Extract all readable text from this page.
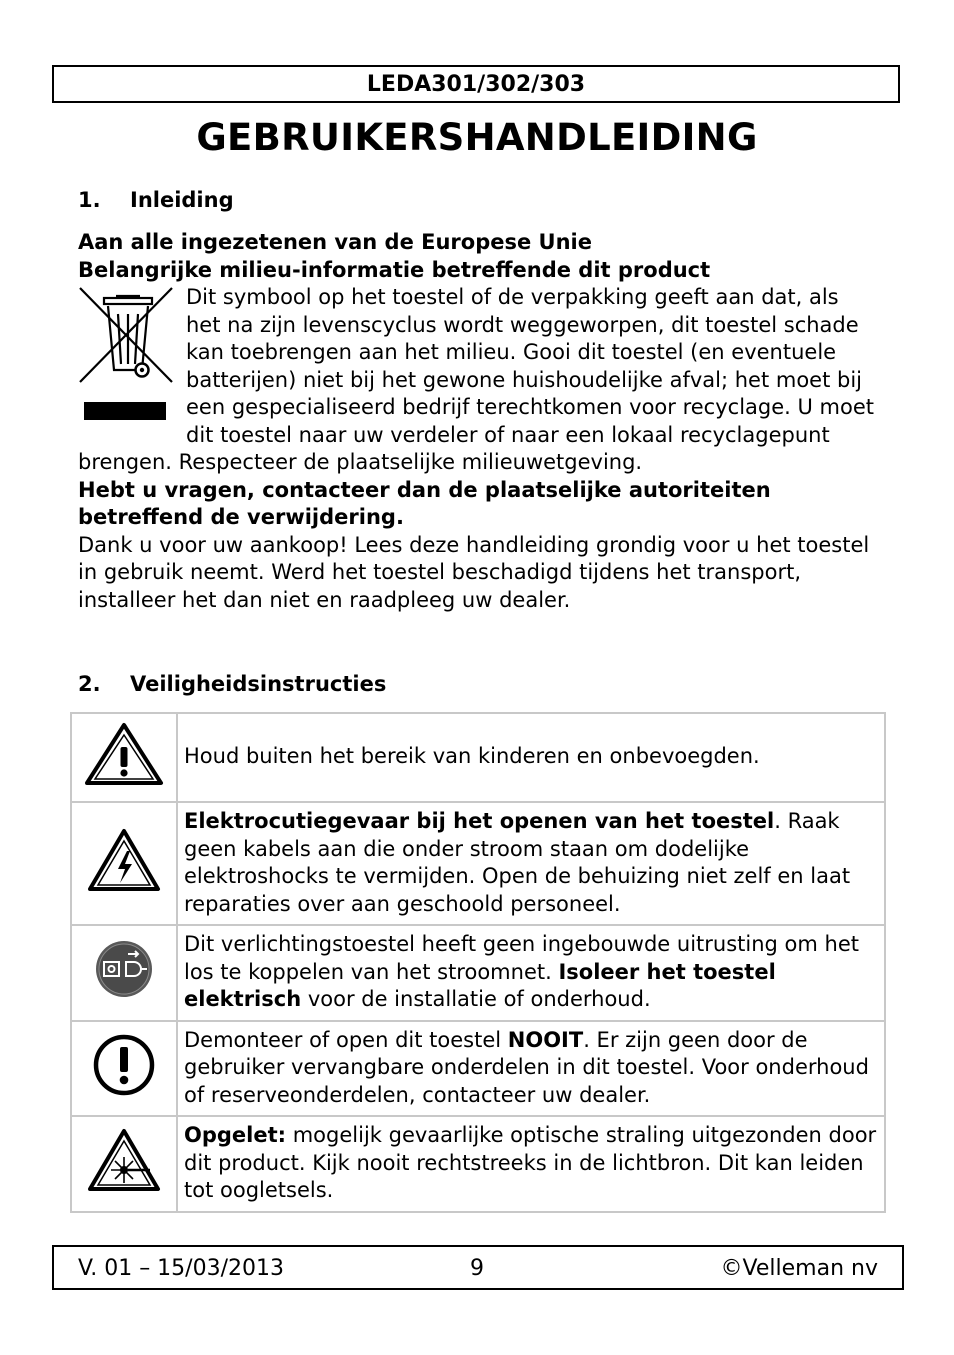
LEDA301/302/303
GEBRUIKERSHANDLEIDING
1. Inleiding

Aan alle ingezetenen van de Europese Unie

Belangrijke milieu-informatie betreffende dit product

Dit symbool op het toestel of de verpakking geeft aan dat, als het na zijn levenscyclus wordt weggeworpen, dit toestel schade kan toebrengen aan het milieu. Gooi dit toestel (en eventuele batterijen) niet bij het gewone huishoudelijke afval; het moet bij een gespecialiseerd bedrijf terechtkomen voor recyclage. U moet dit toestel naar uw verdeler of naar een lokaal recyclagepunt brengen. Respecteer de plaatselijke milieuwetgeving.

Hebt u vragen, contacteer dan de plaatselijke autoriteiten betreffend de verwijdering.

Dank u voor uw aankoop! Lees deze handleiding grondig voor u het toestel in gebruik neemt. Werd het toestel beschadigd tijdens het transport, installeer het dan niet en raadpleeg uw dealer.

2. Veiligheidsinstructies
	Houd buiten het bereik van kinderen en onbevoegden.
	Elektrocutiegevaar bij het openen van het toestel. Raak geen kabels aan die onder stroom staan om dodelijke elektroshocks te vermijden. Open de behuizing niet zelf en laat reparaties over aan geschoold personeel.
	Dit verlichtingstoestel heeft geen ingebouwde uitrusting om het los te koppelen van het stroomnet. Isoleer het toestel elektrisch voor de installatie of onderhoud.
	Demonteer of open dit toestel NOOIT. Er zijn geen door de gebruiker vervangbare onderdelen in dit toestel. Voor onderhoud of reserveonderdelen, contacteer uw dealer.
	Opgelet: mogelijk gevaarlijke optische straling uitgezonden door dit product. Kijk nooit rechtstreeks in de lichtbron. Dit kan leiden tot oogletsels.
V. 01 – 15/03/2013	9	©Velleman nv
